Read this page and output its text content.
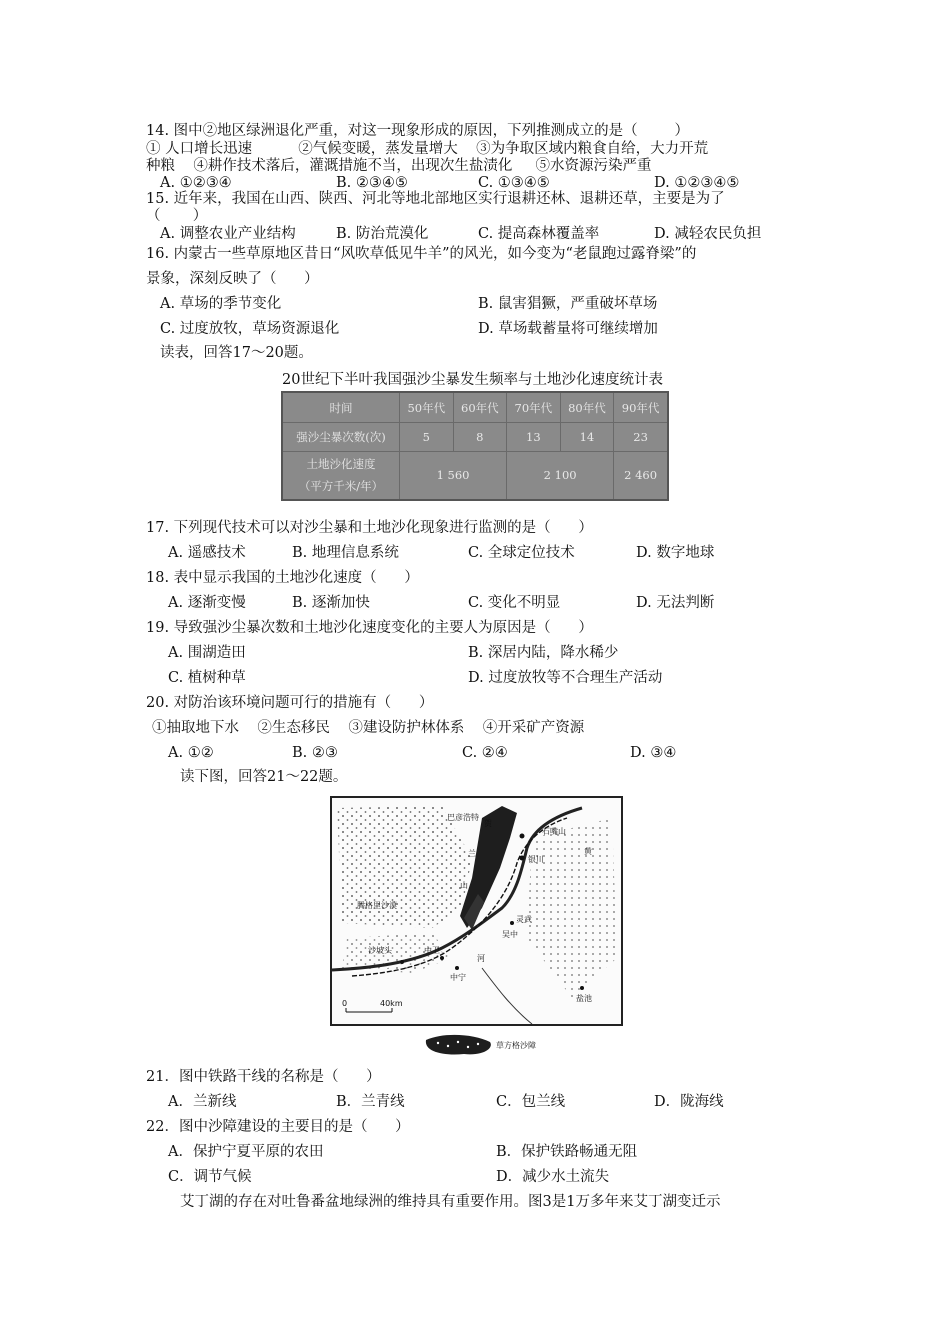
14. 图中②地区绿洲退化严重，对这一现象形成的原因，下列推测成立的是（        ）
① 人口增长迅速          ②气候变暖，蒸发量增大    ③为争取区域内粮食自给，大力开荒
种粮    ④耕作技术落后，灌溉措施不当，出现次生盐渍化     ⑤水资源污染严重
A. ①②③④	B. ②③④⑤	C. ①③④⑤	D. ①②③④⑤
15. 近年来，我国在山西、陕西、河北等地北部地区实行退耕还林、退耕还草，主要是为了
（       ）
A. 调整农业产业结构	B. 防治荒漠化	C. 提高森林覆盖率	D. 减轻农民负担
16. 内蒙古一些草原地区昔日“风吹草低见牛羊”的风光，如今变为“老鼠跑过露脊梁”的
景象，深刻反映了（      ）
A. 草场的季节变化	B. 鼠害猖獗，严重破坏草场
C. 过度放牧，草场资源退化	D. 草场载蓄量将可继续增加
读表，回答17～20题。
20世纪下半叶我国强沙尘暴发生频率与土地沙化速度统计表
时间	50年代	60年代	70年代	80年代	90年代
强沙尘暴次数(次)	5	8	13	14	23

土地沙化速度
（平方千米/年）	1 560		2 100		2 460
17. 下列现代技术可以对沙尘暴和土地沙化现象进行监测的是（      ）
A. 遥感技术	B. 地理信息系统	C. 全球定位技术	D. 数字地球
18. 表中显示我国的土地沙化速度（      ）
A. 逐渐变慢	B. 逐渐加快	C. 变化不明显	D. 无法判断
19. 导致强沙尘暴次数和土地沙化速度变化的主要人为原因是（      ）
A. 围湖造田	B. 深居内陆，降水稀少
C. 植树种草	D. 过度放牧等不合理生产活动
20. 对防治该环境问题可行的措施有（      ）
①抽取地下水    ②生态移民    ③建设防护林体系    ④开采矿产资源
A. ①②	B. ②③	C. ②④	D. ③④
读下图，回答21～22题。
巴彦浩特
贺
兰
山
石嘴山
黄
银川
腾格里沙漠
灵武
吴中
沙坡头	中卫
河
中宁
盐池
0	40km
草方格沙障
21．图中铁路干线的名称是（      ）
A．兰新线	B．兰青线	C．包兰线	D．陇海线
22．图中沙障建设的主要目的是（      ）
A．保护宁夏平原的农田	B．保护铁路畅通无阻
C．调节气候	D．减少水土流失
艾丁湖的存在对吐鲁番盆地绿洲的维持具有重要作用。图3是1万多年来艾丁湖变迁示
